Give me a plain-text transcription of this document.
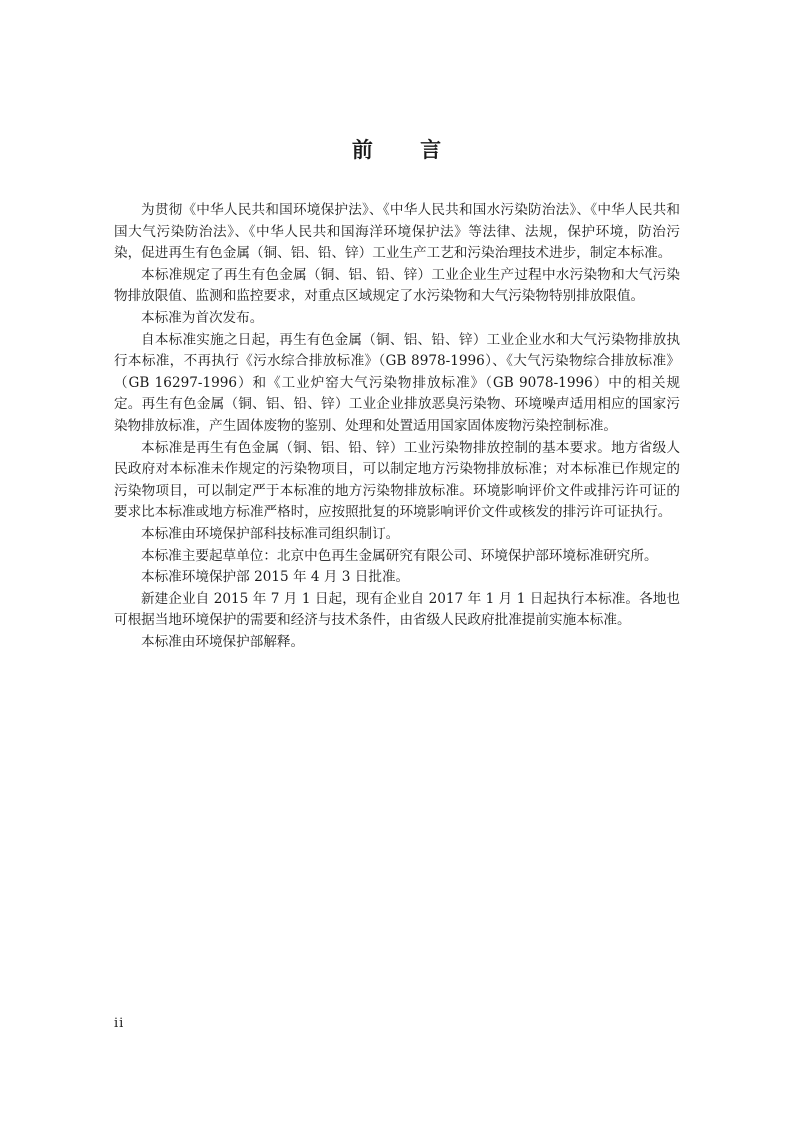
前 言

为贯彻《中华人民共和国环境保护法》、《中华人民共和国水污染防治法》、《中华人民共和国大气污染防治法》、《中华人民共和国海洋环境保护法》等法律、法规，保护环境，防治污染，促进再生有色金属（铜、铝、铅、锌）工业生产工艺和污染治理技术进步，制定本标准。

本标准规定了再生有色金属（铜、铝、铅、锌）工业企业生产过程中水污染物和大气污染物排放限值、监测和监控要求，对重点区域规定了水污染物和大气污染物特别排放限值。

本标准为首次发布。

自本标准实施之日起，再生有色金属（铜、铝、铅、锌）工业企业水和大气污染物排放执行本标准，不再执行《污水综合排放标准》（GB 8978-1996）、《大气污染物综合排放标准》（GB 16297-1996）和《工业炉窑大气污染物排放标准》（GB 9078-1996）中的相关规定。再生有色金属（铜、铝、铅、锌）工业企业排放恶臭污染物、环境噪声适用相应的国家污染物排放标准，产生固体废物的鉴别、处理和处置适用国家固体废物污染控制标准。

本标准是再生有色金属（铜、铝、铅、锌）工业污染物排放控制的基本要求。地方省级人民政府对本标准未作规定的污染物项目，可以制定地方污染物排放标准；对本标准已作规定的污染物项目，可以制定严于本标准的地方污染物排放标准。环境影响评价文件或排污许可证的要求比本标准或地方标准严格时，应按照批复的环境影响评价文件或核发的排污许可证执行。

本标准由环境保护部科技标准司组织制订。

本标准主要起草单位：北京中色再生金属研究有限公司、环境保护部环境标准研究所。

本标准环境保护部 2015 年 4 月 3 日批准。

新建企业自 2015 年 7 月 1 日起，现有企业自 2017 年 1 月 1 日起执行本标准。各地也可根据当地环境保护的需要和经济与技术条件，由省级人民政府批准提前实施本标准。

本标准由环境保护部解释。

ii
